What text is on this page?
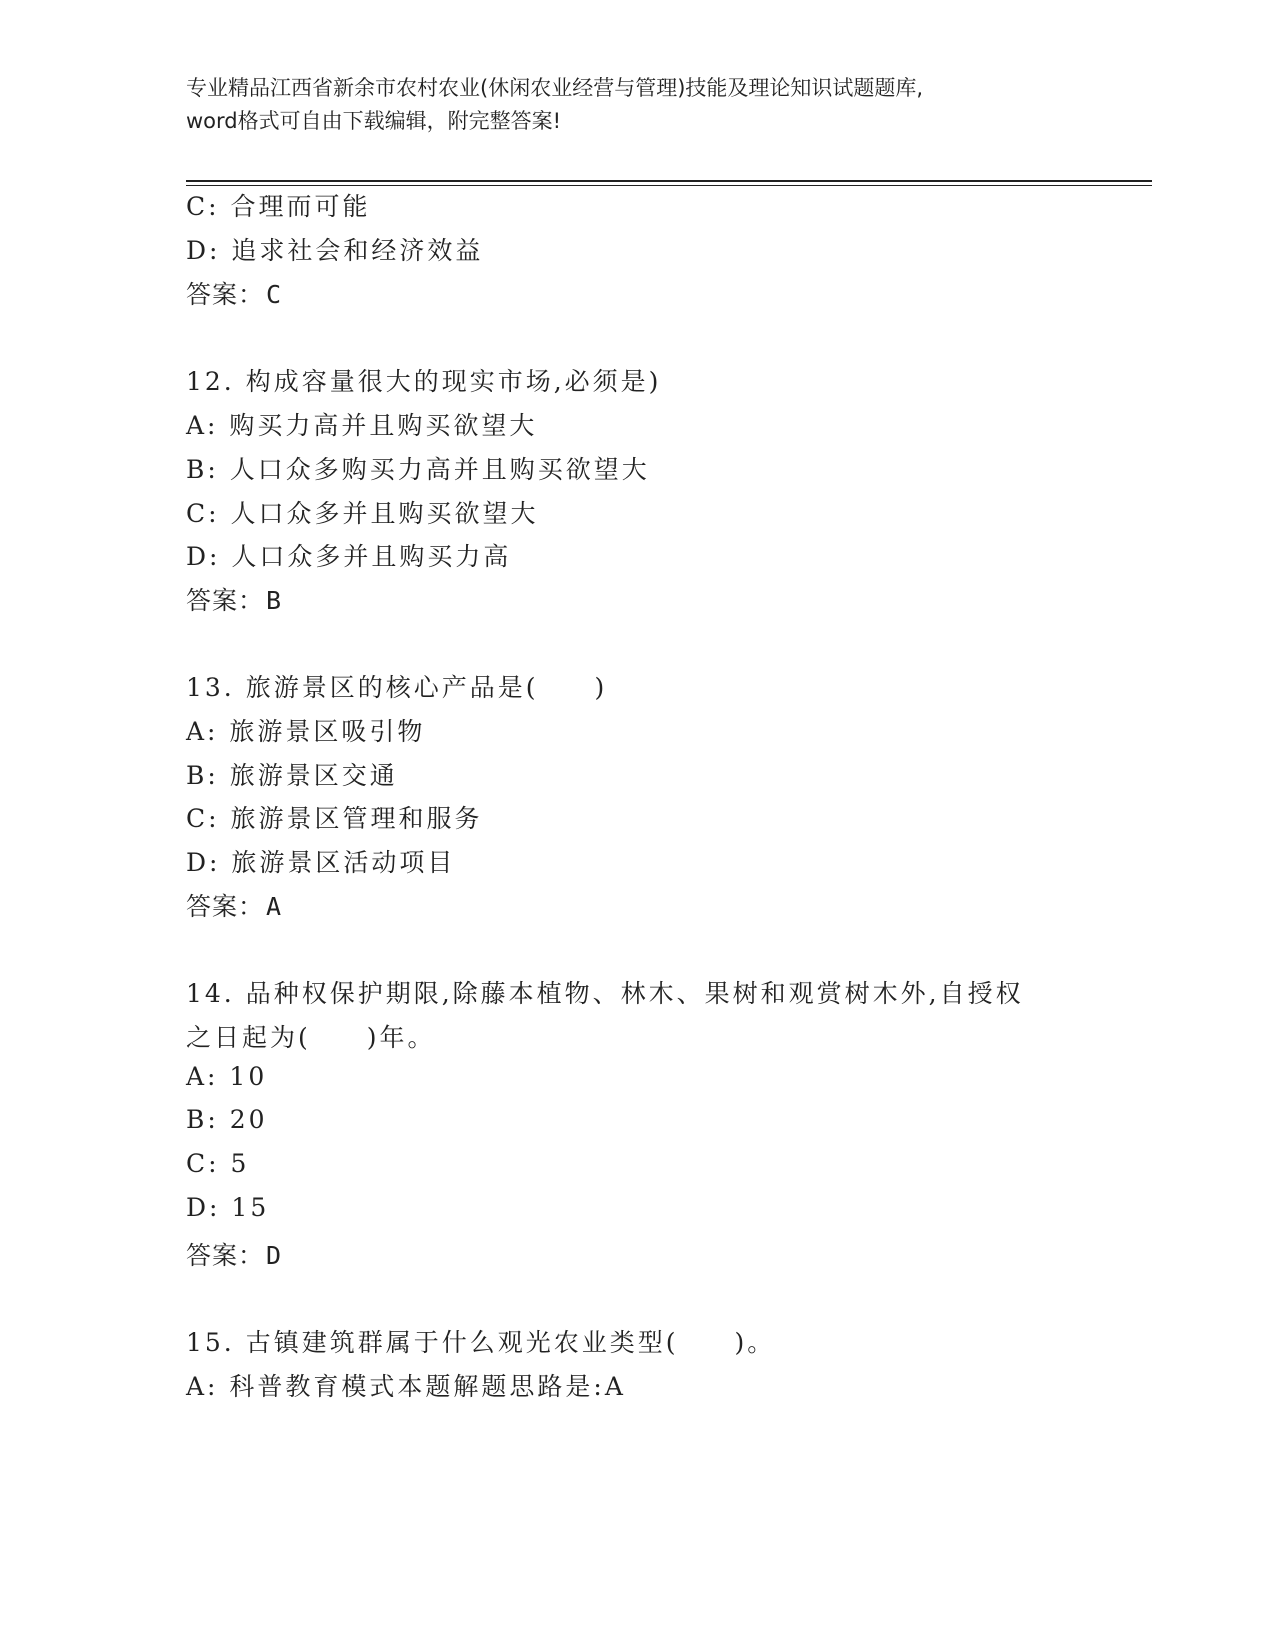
专业精品江西省新余市农村农业(休闲农业经营与管理)技能及理论知识试题题库,
word格式可自由下载编辑，附完整答案!
C: 合理而可能
D: 追求社会和经济效益
答案：C
12. 构成容量很大的现实市场,必须是)
A: 购买力高并且购买欲望大
B: 人口众多购买力高并且购买欲望大
C: 人口众多并且购买欲望大
D: 人口众多并且购买力高
答案：B
13. 旅游景区的核心产品是(　　)
A: 旅游景区吸引物
B: 旅游景区交通
C: 旅游景区管理和服务
D: 旅游景区活动项目
答案：A
14. 品种权保护期限,除藤本植物、林木、果树和观赏树木外,自授权
之日起为(　　)年。
A: 10
B: 20
C: 5
D: 15
答案：D
15. 古镇建筑群属于什么观光农业类型(　　)。
A: 科普教育模式本题解题思路是:A
